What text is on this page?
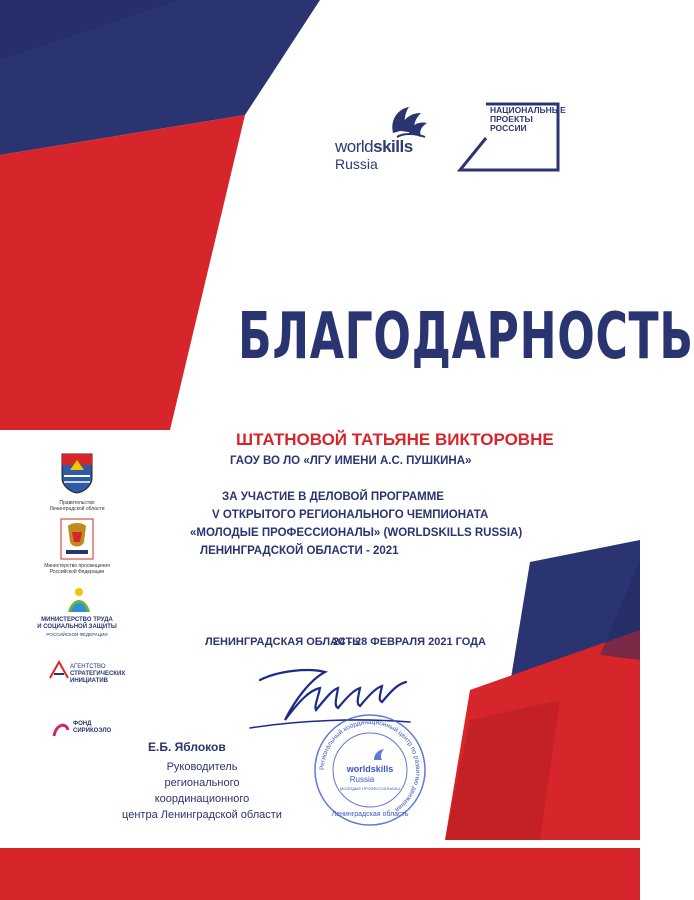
worldskills
Russia
НАЦИОНАЛЬНЫЕ
ПРОЕКТЫ
РОССИИ
БЛАГОДАРНОСТЬ
ШТАТНОВОЙ ТАТЬЯНЕ ВИКТОРОВНЕ
ГАОУ ВО ЛО «ЛГУ ИМЕНИ А.С. ПУШКИНА»
ЗА УЧАСТИЕ В ДЕЛОВОЙ ПРОГРАММЕ
V ОТКРЫТОГО РЕГИОНАЛЬНОГО ЧЕМПИОНАТА
«МОЛОДЫЕ ПРОФЕССИОНАЛЫ» (WORLDSKILLS RUSSIA)
ЛЕНИНГРАДСКОЙ ОБЛАСТИ - 2021
ЛЕНИНГРАДСКАЯ ОБЛАСТЬ
24 - 28 ФЕВРАЛЯ 2021 ГОДА
Е.Б. Яблоков
Руководитель
регионального координационного
центра Ленинградской области
Региональный координационный центр по развитию движения
Ленинградская область
worldskills
Russia
МОЛОДЫЕ ПРОФЕССИОНАЛЫ
Правительство
Ленинградской области
Министерство просвещения
Российской Федерации
МИНИСТЕРСТВО ТРУДА
И СОЦИАЛЬНОЙ ЗАЩИТЫ
РОССИЙСКОЙ ФЕДЕРАЦИИ
АГЕНТСТВО
СТРАТЕГИЧЕСКИХ
ИНИЦИАТИВ
ФОНД
СИРИКОЭЛО
